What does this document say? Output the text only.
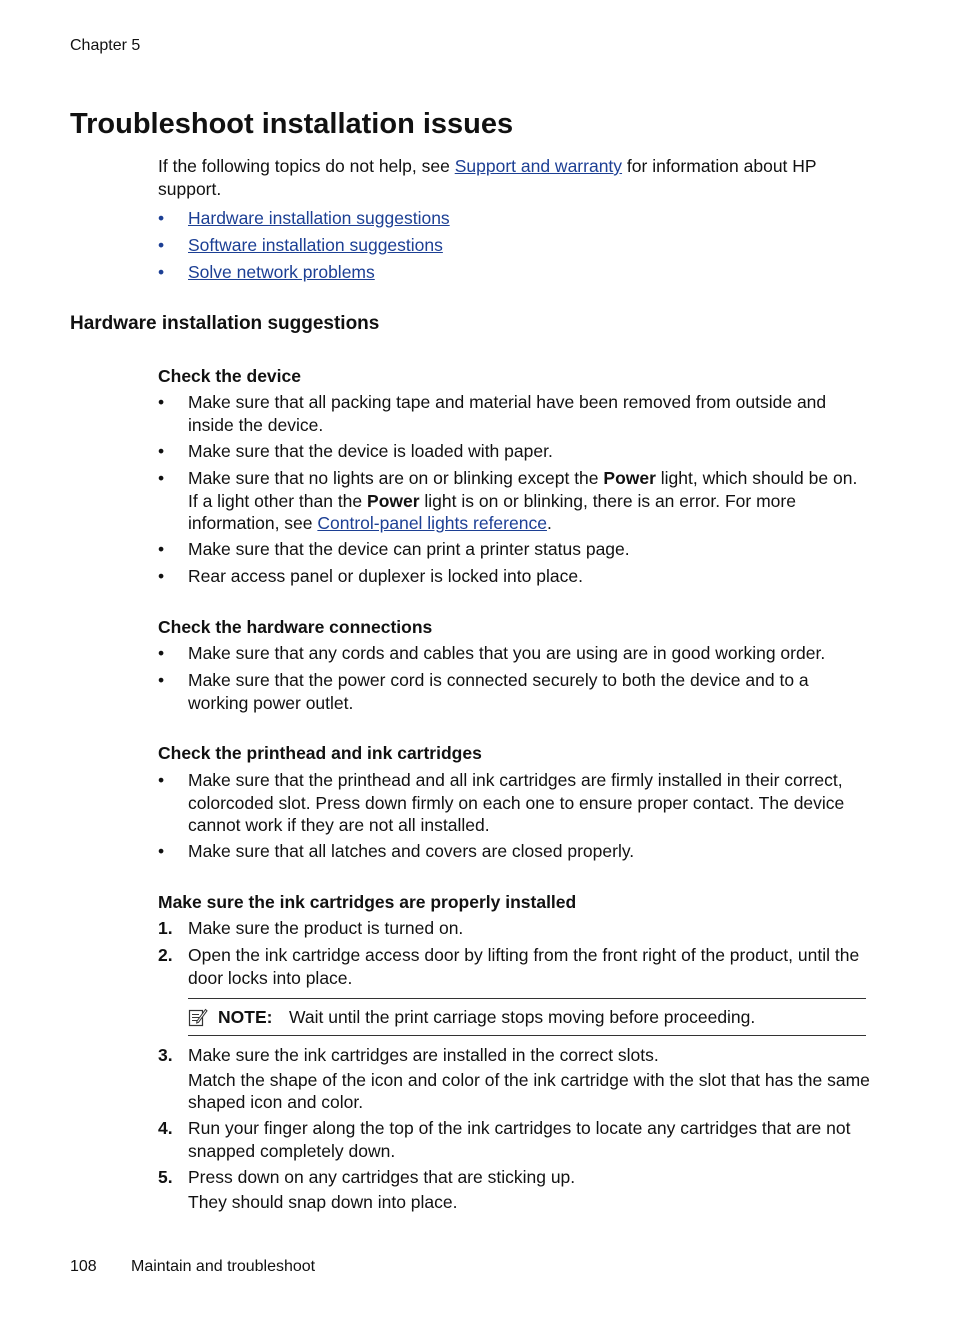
Chapter 5
Troubleshoot installation issues

If the following topics do not help, see Support and warranty for information about HP support.

• Hardware installation suggestions
• Software installation suggestions
• Solve network problems
Hardware installation suggestions
Check the device
• Make sure that all packing tape and material have been removed from outside and inside the device.
• Make sure that the device is loaded with paper.
• Make sure that no lights are on or blinking except the Power light, which should be on. If a light other than the Power light is on or blinking, there is an error. For more information, see Control-panel lights reference.
• Make sure that the device can print a printer status page.
• Rear access panel or duplexer is locked into place.
Check the hardware connections
• Make sure that any cords and cables that you are using are in good working order.
• Make sure that the power cord is connected securely to both the device and to a working power outlet.
Check the printhead and ink cartridges
• Make sure that the printhead and all ink cartridges are firmly installed in their correct, colorcoded slot. Press down firmly on each one to ensure proper contact. The device cannot work if they are not all installed.
• Make sure that all latches and covers are closed properly.
Make sure the ink cartridges are properly installed
1. Make sure the product is turned on.
2. Open the ink cartridge access door by lifting from the front right of the product, until the door locks into place.
NOTE: Wait until the print carriage stops moving before proceeding.
3. Make sure the ink cartridges are installed in the correct slots.
Match the shape of the icon and color of the ink cartridge with the slot that has the same shaped icon and color.
4. Run your finger along the top of the ink cartridges to locate any cartridges that are not snapped completely down.
5. Press down on any cartridges that are sticking up.
They should snap down into place.
108 Maintain and troubleshoot
